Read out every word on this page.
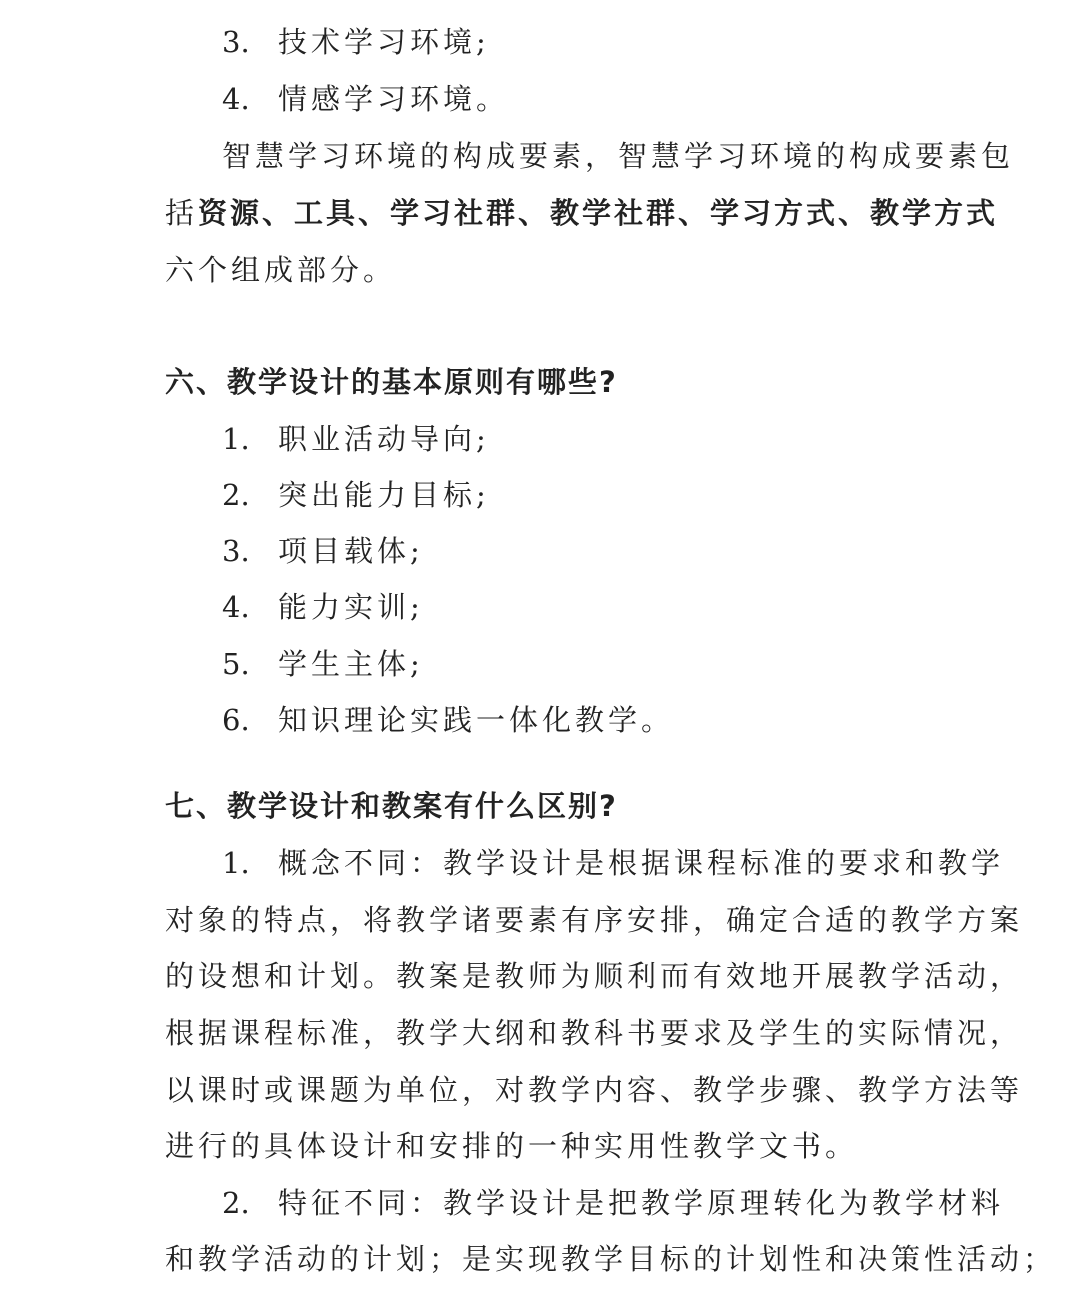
3. 技术学习环境;
4. 情感学习环境。
智慧学习环境的构成要素，智慧学习环境的构成要素包
括资源、工具、学习社群、教学社群、学习方式、教学方式
六个组成部分。
六、教学设计的基本原则有哪些?
1. 职业活动导向;
2. 突出能力目标;
3. 项目载体;
4. 能力实训;
5. 学生主体;
6. 知识理论实践一体化教学。
七、教学设计和教案有什么区别?
1. 概念不同：教学设计是根据课程标准的要求和教学
对象的特点，将教学诸要素有序安排，确定合适的教学方案
的设想和计划。教案是教师为顺利而有效地开展教学活动，
根据课程标准，教学大纲和教科书要求及学生的实际情况，
以课时或课题为单位，对教学内容、教学步骤、教学方法等
进行的具体设计和安排的一种实用性教学文书。
2. 特征不同：教学设计是把教学原理转化为教学材料
和教学活动的计划；是实现教学目标的计划性和决策性活动；
